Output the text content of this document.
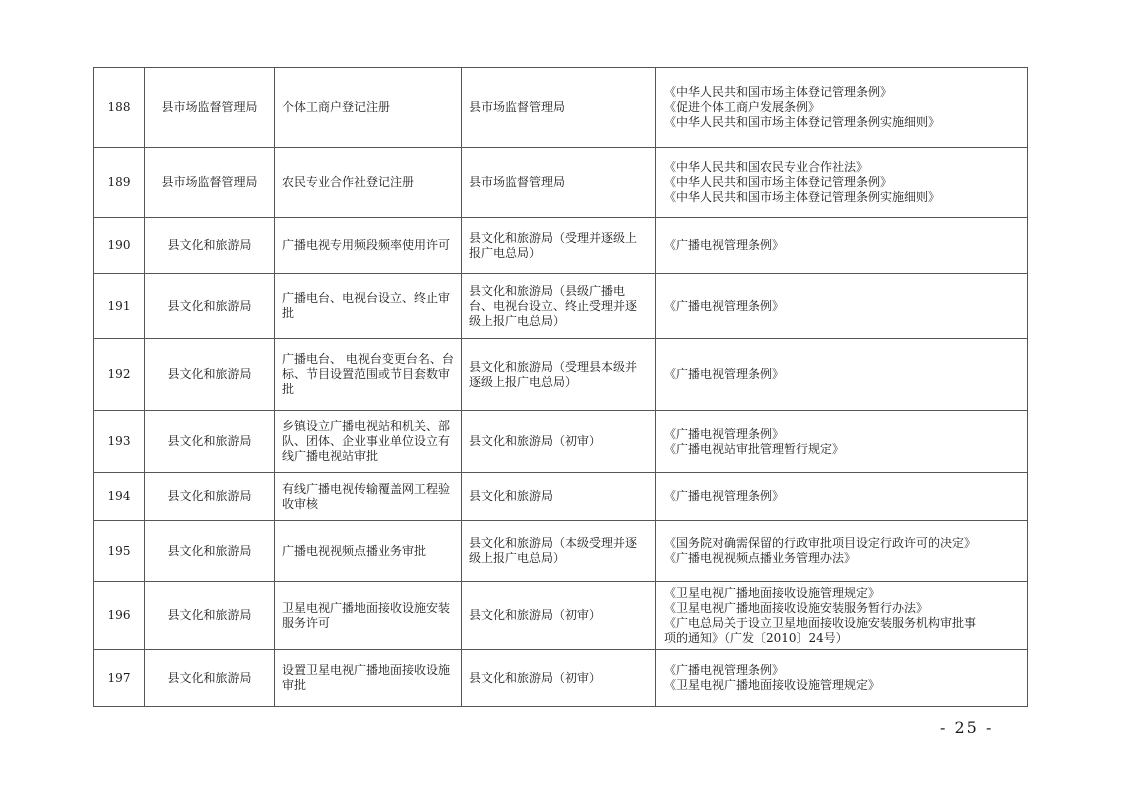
188	县市场监督管理局	个体工商户登记注册	县市场监督管理局	《中华人民共和国市场主体登记管理条例》
《促进个体工商户发展条例》
《中华人民共和国市场主体登记管理条例实施细则》

189	县市场监督管理局	农民专业合作社登记注册	县市场监督管理局	《中华人民共和国农民专业合作社法》
《中华人民共和国市场主体登记管理条例》
《中华人民共和国市场主体登记管理条例实施细则》

190	县文化和旅游局	广播电视专用频段频率使用许可	县文化和旅游局（受理并逐级上报广电总局）	《广播电视管理条例》

191	县文化和旅游局	广播电台、电视台设立、终止审批	县文化和旅游局（县级广播电台、电视台设立、终止受理并逐级上报广电总局）	《广播电视管理条例》

192	县文化和旅游局	广播电台、 电视台变更台名、台标、节目设置范围或节目套数审批	县文化和旅游局（受理县本级并逐级上报广电总局）	《广播电视管理条例》

193	县文化和旅游局	乡镇设立广播电视站和机关、部队、团体、企业事业单位设立有线广播电视站审批	县文化和旅游局（初审）	《广播电视管理条例》
《广播电视站审批管理暂行规定》

194	县文化和旅游局	有线广播电视传输覆盖网工程验收审核	县文化和旅游局	《广播电视管理条例》

195	县文化和旅游局	广播电视视频点播业务审批	县文化和旅游局（本级受理并逐级上报广电总局）	《国务院对确需保留的行政审批项目设定行政许可的决定》
《广播电视视频点播业务管理办法》

196	县文化和旅游局	卫星电视广播地面接收设施安装服务许可	县文化和旅游局（初审）	《卫星电视广播地面接收设施管理规定》
《卫星电视广播地面接收设施安装服务暂行办法》
《广电总局关于设立卫星地面接收设施安装服务机构审批事
项的通知》（广发〔2010〕24号）

197	县文化和旅游局	设置卫星电视广播地面接收设施审批	县文化和旅游局（初审）	《广播电视管理条例》
《卫星电视广播地面接收设施管理规定》
- 25 -
